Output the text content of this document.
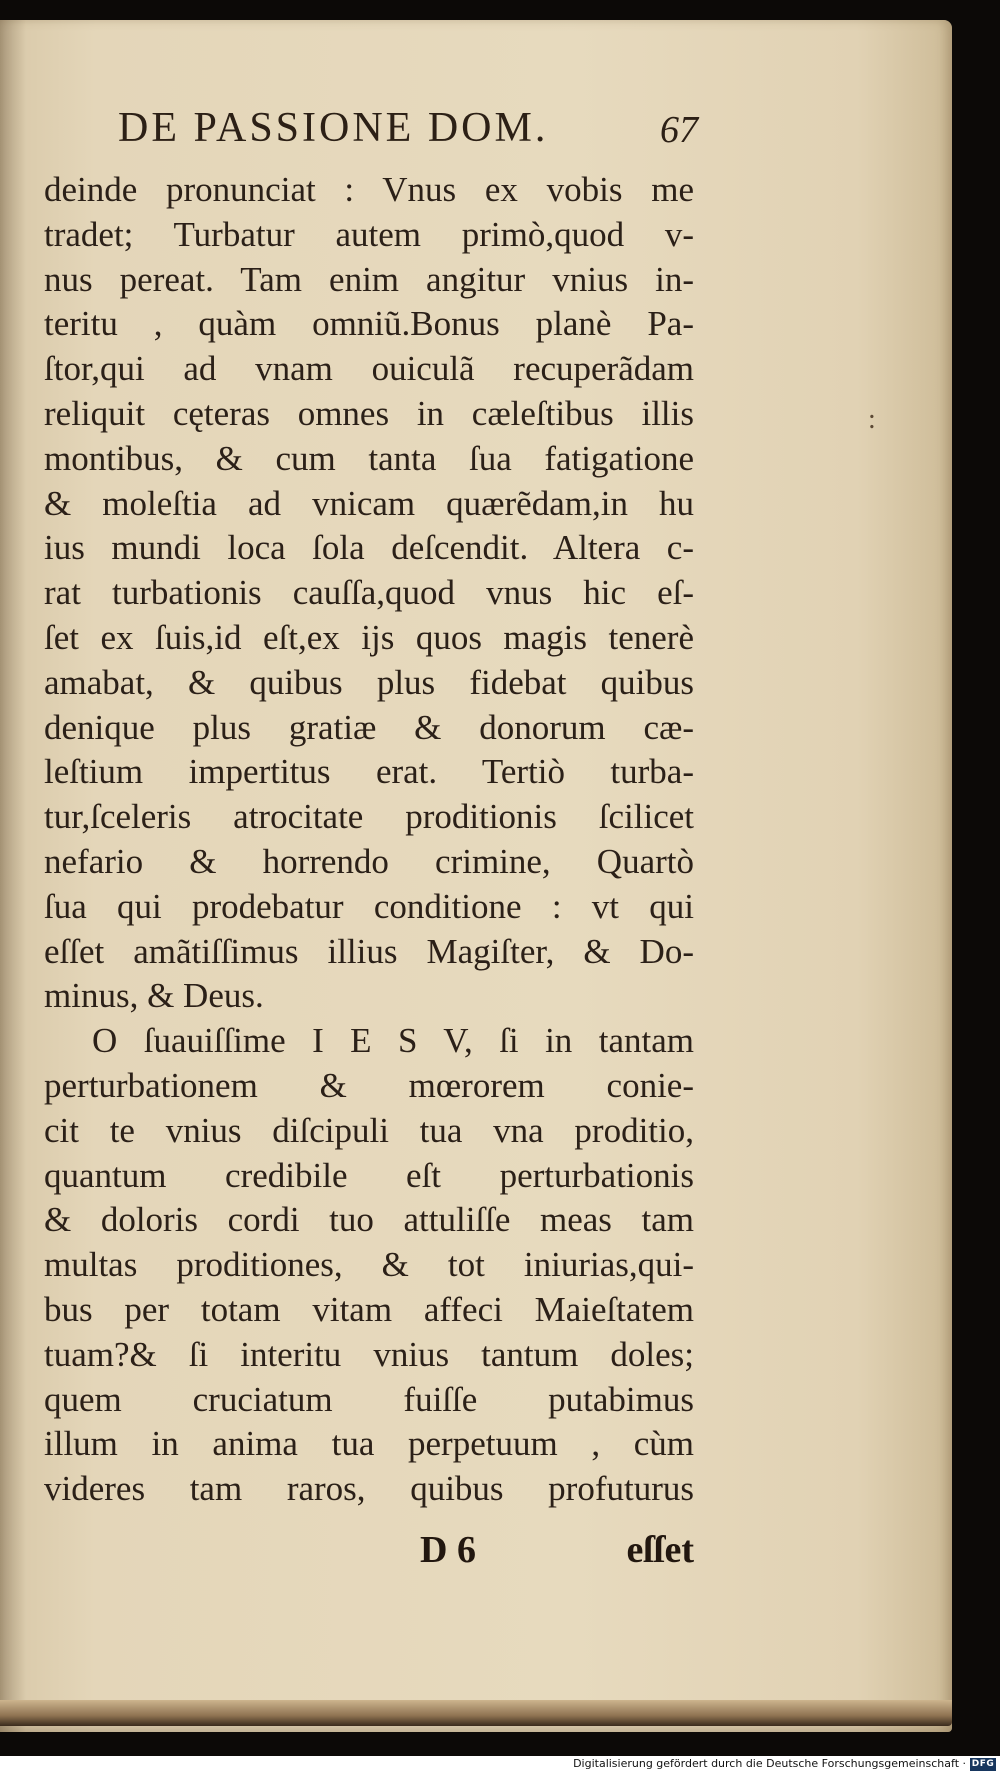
DE PASSIONE DOM.	67
deinde pronunciat : Vnus ex vobis me
tradet; Turbatur autem primò,quod v-
nus pereat. Tam enim angitur vnius in-
teritu , quàm omniũ.Bonus planè Pa-
ſtor,qui ad vnam ouiculã recuperãdam
reliquit cęteras omnes in cæleſtibus illis
montibus, & cum tanta ſua fatigatione
& moleſtia ad vnicam quærẽdam,in hu
ius mundi loca ſola deſcendit. Altera c-
rat turbationis cauſſa,quod vnus hic eſ-
ſet ex ſuis,id eſt,ex ijs quos magis tenerè
amabat, & quibus plus fidebat quibus
denique plus gratiæ & donorum cæ-
leſtium impertitus erat. Tertiò turba-
tur,ſceleris atrocitate proditionis ſcilicet
nefario & horrendo crimine, Quartò
ſua qui prodebatur conditione : vt qui
eſſet amãtiſſimus illius Magiſter, & Do-
minus, & Deus.
O ſuauiſſime I E S V, ſi in tantam
perturbationem & mœrorem conie-
cit te vnius diſcipuli tua vna proditio,
quantum credibile eſt perturbationis
& doloris cordi tuo attuliſſe meas tam
multas proditiones, & tot iniurias,qui-
bus per totam vitam affeci Maieſtatem
tuam?& ſi interitu vnius tantum doles;
quem cruciatum fuiſſe putabimus
illum in anima tua perpetuum , cùm
videres tam raros, quibus profuturus
D 6	eſſet
:
Digitalisierung gefördert durch die Deutsche Forschungsgemeinschaft · DFG
